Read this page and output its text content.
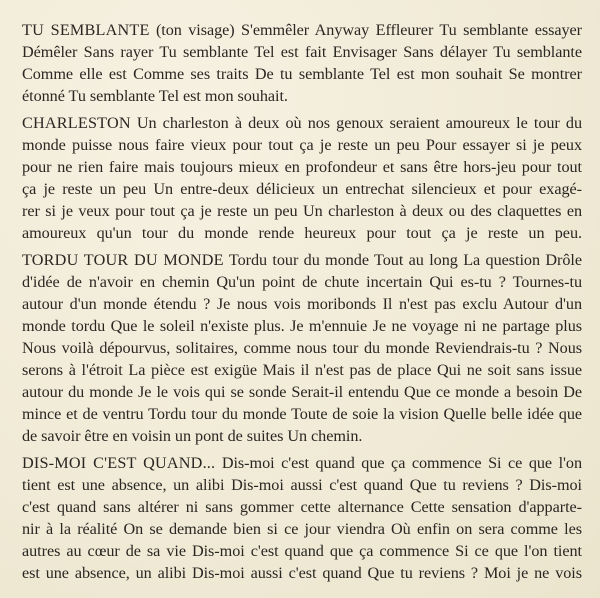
TU SEMBLANTE (ton visage) S'emmêler Anyway Effleurer Tu semblante essayer
Démêler Sans rayer Tu semblante Tel est fait Envisager Sans délayer Tu semblante
Comme elle est Comme ses traits De tu semblante Tel est mon souhait Se montrer
étonné Tu semblante Tel est mon souhait.
CHARLESTON Un charleston à deux où nos genoux seraient amoureux le tour du
monde puisse nous faire vieux pour tout ça je reste un peu Pour essayer si je peux
pour ne rien faire mais toujours mieux en profondeur et sans être hors-jeu pour tout
ça je reste un peu Un entre-deux délicieux un entrechat silencieux et pour exagé-
rer si je veux pour tout ça je reste un peu Un charleston à deux ou des claquettes en
amoureux qu'un tour du monde rende heureux pour tout ça je reste un peu.
TORDU TOUR DU MONDE Tordu tour du monde Tout au long La question Drôle
d'idée de n'avoir en chemin Qu'un point de chute incertain Qui es-tu ? Tournes-tu
autour d'un monde étendu ? Je nous vois moribonds Il n'est pas exclu Autour d'un
monde tordu Que le soleil n'existe plus. Je m'ennuie Je ne voyage ni ne partage plus
Nous voilà dépourvus, solitaires, comme nous tour du monde Reviendrais-tu ? Nous
serons à l'étroit La pièce est exigüe Mais il n'est pas de place Qui ne soit sans issue
autour du monde Je le vois qui se sonde Serait-il entendu Que ce monde a besoin De
mince et de ventru Tordu tour du monde Toute de soie la vision Quelle belle idée que
de savoir être en voisin un pont de suites Un chemin.
DIS-MOI C'EST QUAND... Dis-moi c'est quand que ça commence Si ce que l'on
tient est une absence, un alibi Dis-moi aussi c'est quand Que tu reviens ? Dis-moi
c'est quand sans altérer ni sans gommer cette alternance Cette sensation d'apparte-
nir à la réalité On se demande bien si ce jour viendra Où enfin on sera comme les
autres au cœur de sa vie Dis-moi c'est quand que ça commence Si ce que l'on tient
est une absence, un alibi Dis-moi aussi c'est quand Que tu reviens ? Moi je ne vois
